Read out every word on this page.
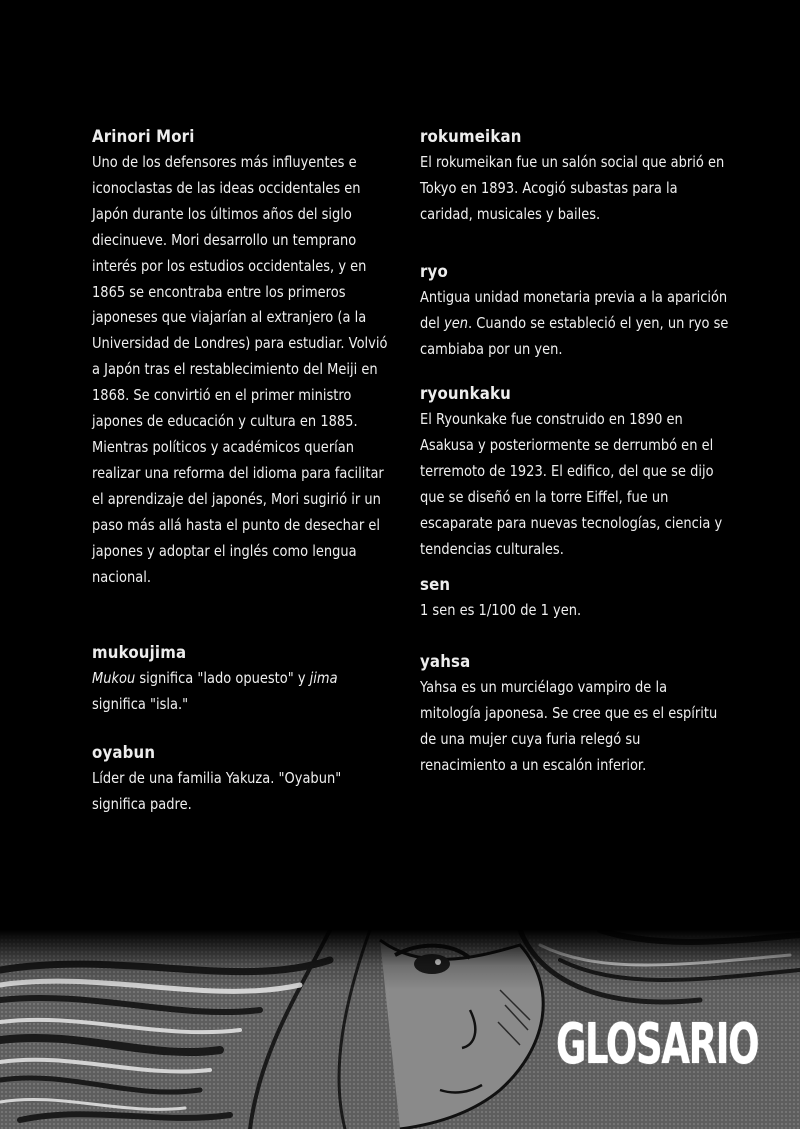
Arinori Mori
Uno de los defensores más influyentes e iconoclastas de las ideas occidentales en Japón durante los últimos años del siglo diecinueve. Mori desarrollo un temprano interés por los estudios occidentales, y en 1865 se encontraba entre los primeros japoneses que viajarían al extranjero (a la Universidad de Londres) para estudiar. Volvió a Japón tras el restablecimiento del Meiji en 1868. Se convirtió en el primer ministro japones de educación y cultura en 1885. Mientras políticos y académicos querían realizar una reforma del idioma para facilitar el aprendizaje del japonés, Mori sugirió ir un paso más allá hasta el punto de desechar el japones y adoptar el inglés como lengua nacional.
mukoujima
Mukou significa "lado opuesto" y jima significa "isla."
oyabun
Líder de una familia Yakuza. "Oyabun" significa padre.
rokumeikan
El rokumeikan fue un salón social que abrió en Tokyo en 1893. Acogió subastas para la caridad, musicales y bailes.
ryo
Antigua unidad monetaria previa a la aparición del yen. Cuando se estableció el yen, un ryo se cambiaba por un yen.
ryounkaku
El Ryounkake fue construido en 1890 en Asakusa y posteriormente se derrumbó en el terremoto de 1923. El edifico, del que se dijo que se diseñó en la torre Eiffel, fue un escaparate para nuevas tecnologías, ciencia y tendencias culturales.
sen
1 sen es 1/100 de 1 yen.
yahsa
Yahsa es un murciélago vampiro de la mitología japonesa. Se cree que es el espíritu de una mujer cuya furia relegó su renacimiento a un escalón inferior.
GLOSARIO
